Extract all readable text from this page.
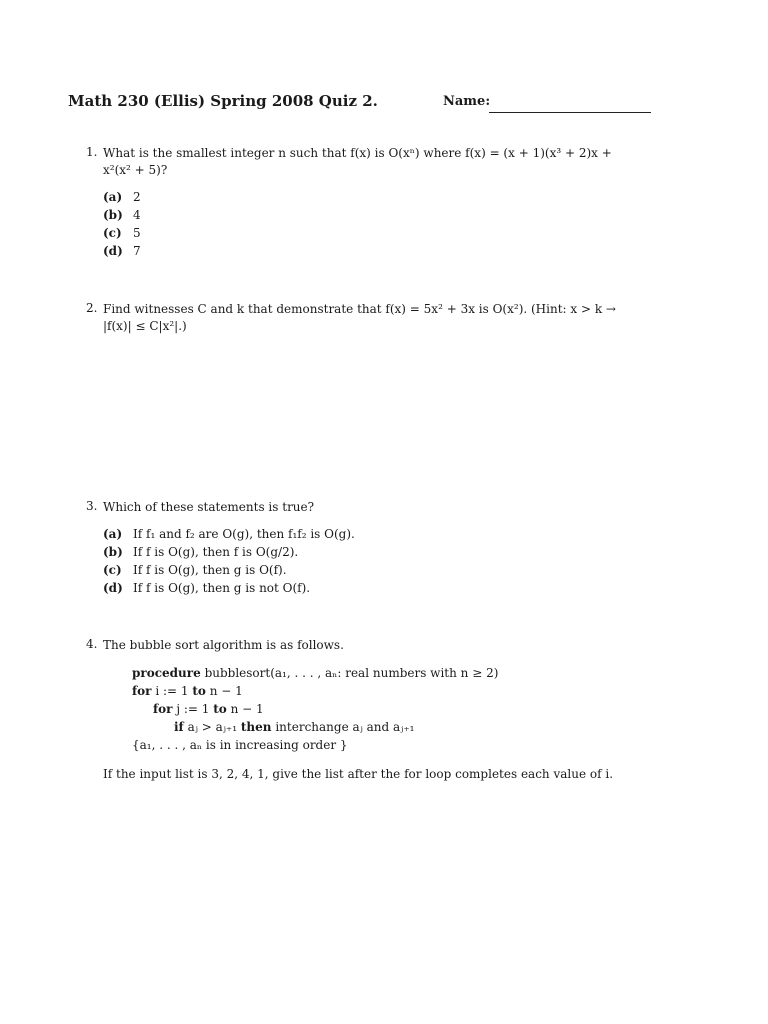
Math 230 (Ellis) Spring 2008 Quiz 2.	Name:
1. What is the smallest integer n such that f(x) is O(xⁿ) where f(x) = (x + 1)(x³ + 2)x +
x²(x² + 5)?
(a) 2
(b) 4
(c) 5
(d) 7
2. Find witnesses C and k that demonstrate that f(x) = 5x² + 3x is O(x²). (Hint: x > k →
|f(x)| ≤ C|x²|.)
3. Which of these statements is true?
(a) If f₁ and f₂ are O(g), then f₁f₂ is O(g).
(b) If f is O(g), then f is O(g/2).
(c) If f is O(g), then g is O(f).
(d) If f is O(g), then g is not O(f).
4. The bubble sort algorithm is as follows.
procedure bubblesort(a₁, . . . , aₙ: real numbers with n ≥ 2)
for i := 1 to n − 1
for j := 1 to n − 1
if aⱼ > aⱼ₊₁ then interchange aⱼ and aⱼ₊₁
{a₁, . . . , aₙ is in increasing order }
If the input list is 3, 2, 4, 1, give the list after the for loop completes each value of i.
